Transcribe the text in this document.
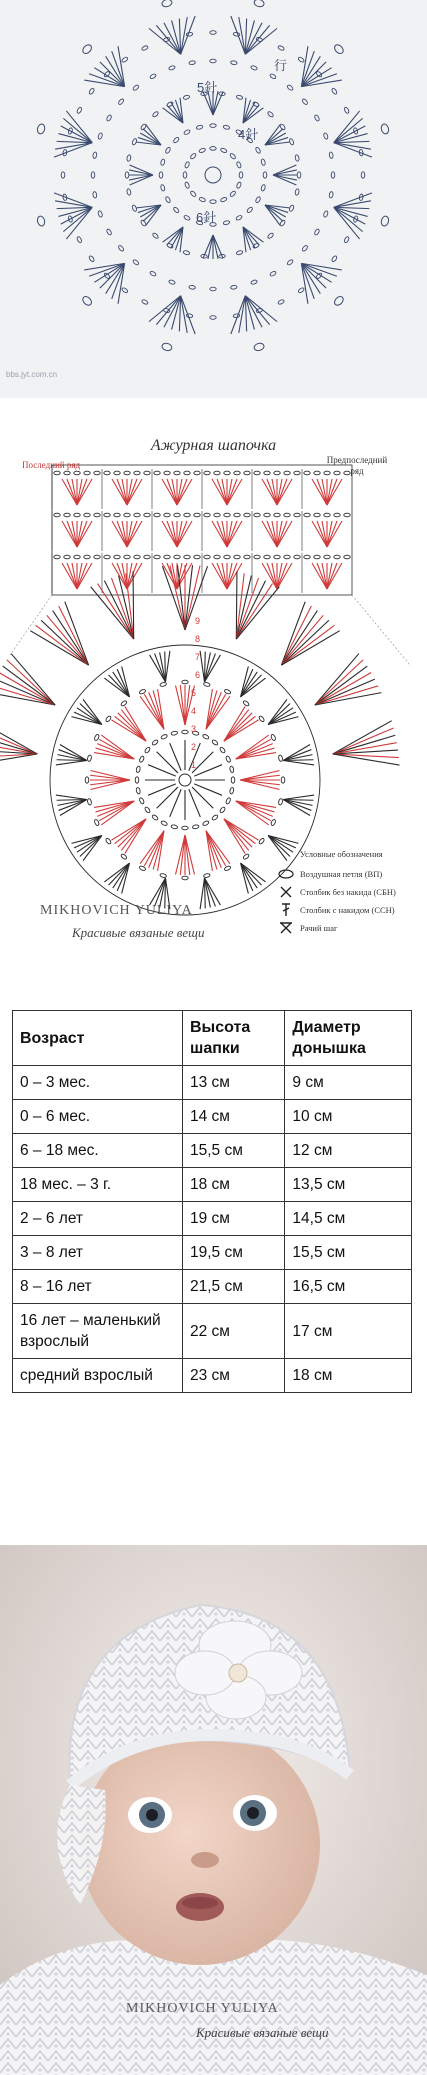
5針
4針
6針
行
bbs.jyt.com.cn
1
2
3
4
5
6
7
8
9
Ажурная шапочка
Последний ряд	Предпоследний ряд
Условные обозначения
Воздушная петля (ВП)
Столбик без накида (СБН)
Столбик с накидом (ССН)
Рачий шаг
MIKHOVICH YULIYA
Красивые вязаные вещи
Возраст	Высота шапки	Диаметр донышка
0 – 3 мес.	13 см	9 см
0 – 6 мес.	14 см	10 см
6 – 18 мес.	15,5 см	12 см
18 мес. – 3 г.	18 см	13,5 см
2 – 6 лет	19 см	14,5 см
3 – 8 лет	19,5 см	15,5 см
8 – 16 лет	21,5 см	16,5 см
16 лет – маленький взрослый	22 см	17 см
средний взрослый	23 см	18 см
MIKHOVICH YULIYA
Красивые вязаные вещи
